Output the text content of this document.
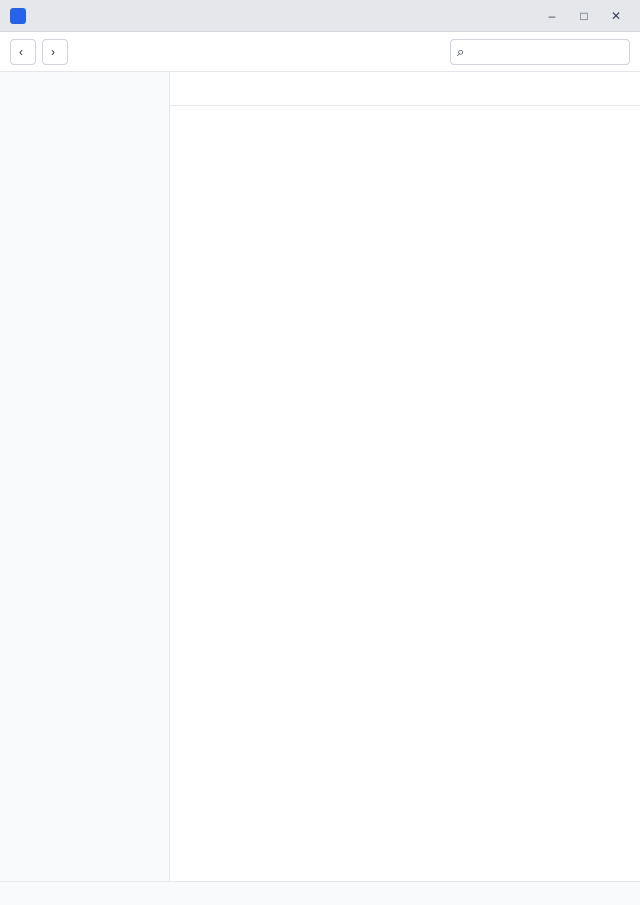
–	□	✕
‹ ›	⌕
